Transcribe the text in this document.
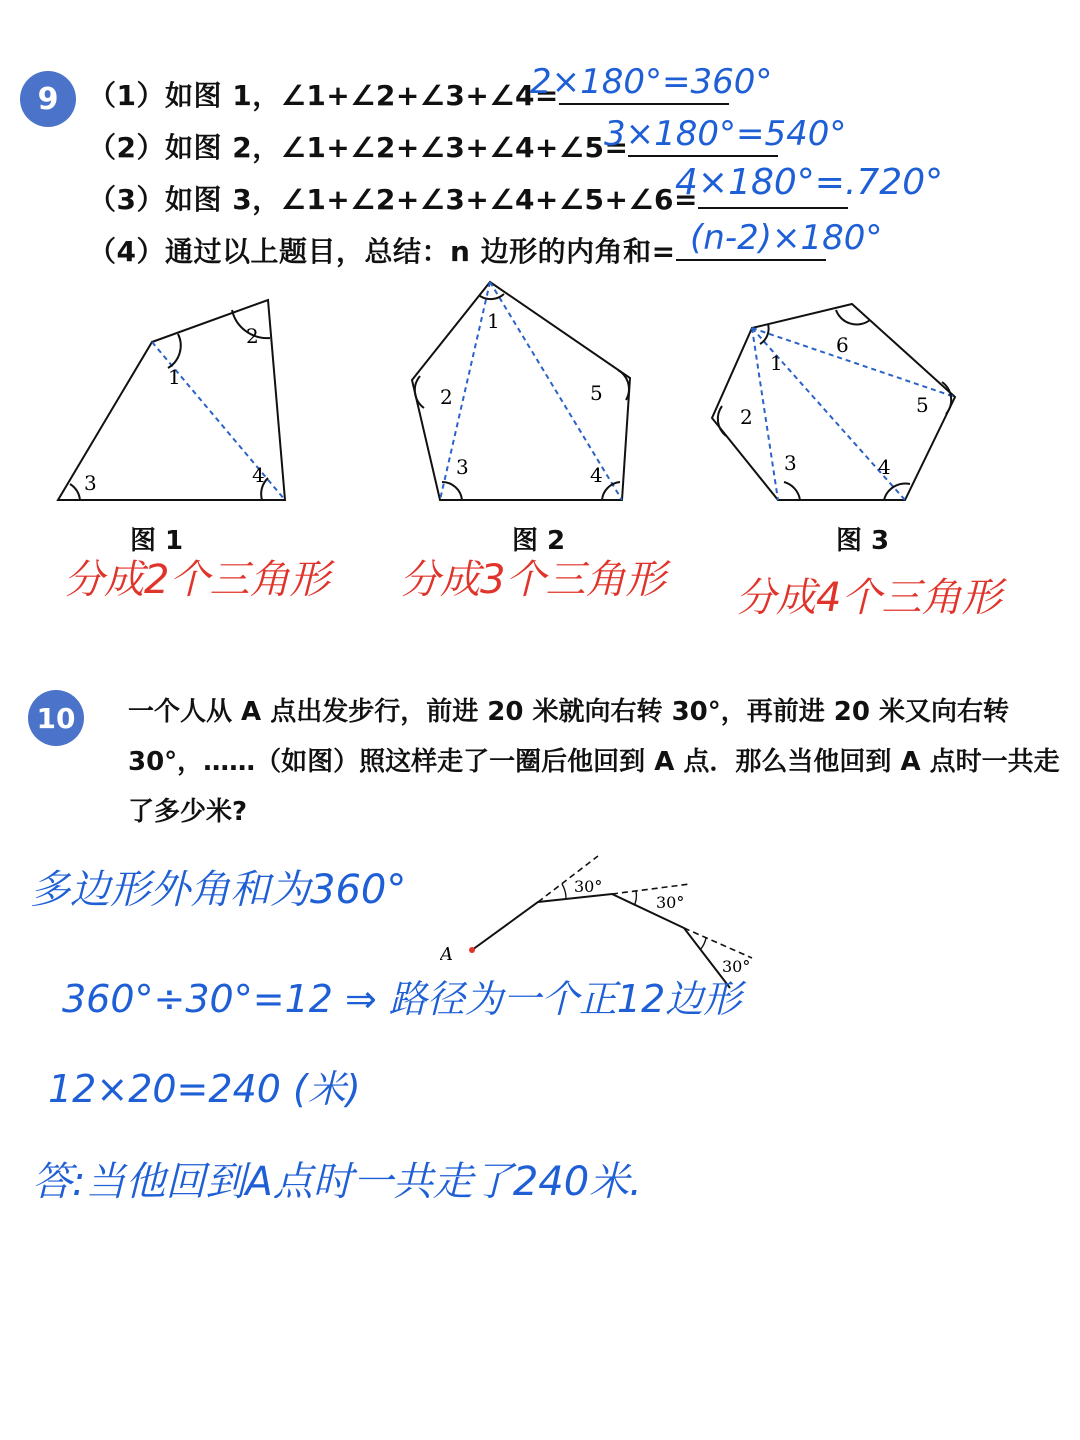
9	（1）如图 1，∠1+∠2+∠3+∠4=
2×180°=360°
（2）如图 2，∠1+∠2+∠3+∠4+∠5=
3×180°=540°
（3）如图 3，∠1+∠2+∠3+∠4+∠5+∠6=
4×180°=.720°
（4）通过以上题目，总结：n 边形的内角和= (n-2)×180°
1
2
3	4
1
2
3	4
5
1
2
3	4
5
6
图 1	图 2	图 3
分成2个三角形 分成3个三角形 分成4个三角形
10	一个人从 A 点出发步行，前进 20 米就向右转 30°，再前进 20 米又向右转 30°，……（如图）照这样走了一圈后他回到 A 点．那么当他回到 A 点时一共走了多少米?
A
30°
30°
30°
多边形外角和为360°
360°÷30°=12 ⇒ 路径为一个正12边形
12×20=240 (米)
答:当他回到A点时一共走了240米.
